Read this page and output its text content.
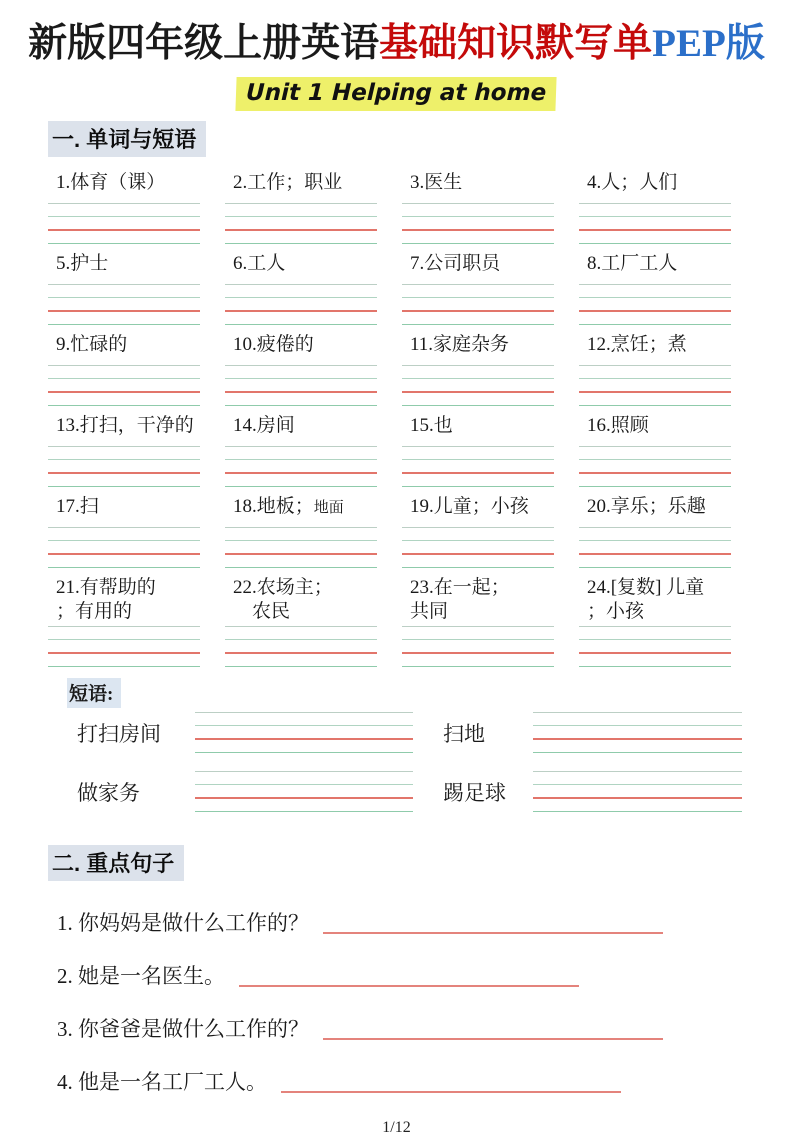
新版四年级上册英语基础知识默写单PEP版
Unit 1 Helping at home
一. 单词与短语
1.体育（课）	2.工作；职业	3.医生	4.人；人们
5.护士	6.工人	7.公司职员	8.工厂工人
9.忙碌的	10.疲倦的	11.家庭杂务	12.烹饪；煮
13.打扫，干净的	14.房间	15.也	16.照顾
17.扫	18.地板；地面	19.儿童；小孩	20.享乐；乐趣
21.有帮助的
；有用的
22.农场主；
　农民
23.在一起；
共同
24.[复数] 儿童
；小孩
短语:
打扫房间	扫地
做家务	踢足球
二. 重点句子
1. 你妈妈是做什么工作的？
2. 她是一名医生。
3. 你爸爸是做什么工作的？
4. 他是一名工厂工人。
1/12
